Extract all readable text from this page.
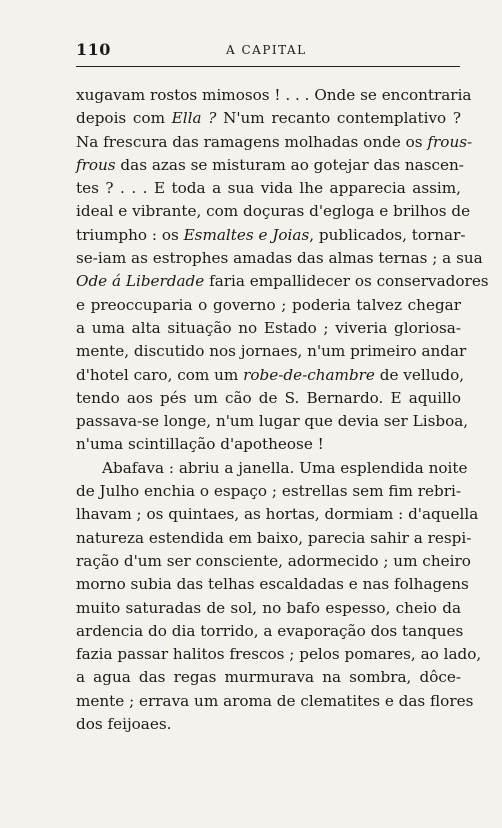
110	A CAPITAL
xugavam rostos mimosos ! . . . Onde se encontraria
depois com Ella ? N'um recanto contemplativo ?
Na frescura das ramagens molhadas onde os frous-
frous das azas se misturam ao gotejar das nascen-
tes ? . . . E toda a sua vida lhe apparecia assim,
ideal e vibrante, com doçuras d'egloga e brilhos de
triumpho : os Esmaltes e Joias, publicados, tornar-
se-iam as estrophes amadas das almas ternas ; a sua
Ode á Liberdade faria empallidecer os conservadores
e preoccuparia o governo ; poderia talvez chegar
a uma alta situação no Estado ; viveria gloriosa-
mente, discutido nos jornaes, n'um primeiro andar
d'hotel caro, com um robe-de-chambre de velludo,
tendo aos pés um cão de S. Bernardo. E aquillo
passava-se longe, n'um lugar que devia ser Lisboa,
n'uma scintillação d'apotheose !
Abafava : abriu a janella. Uma esplendida noite
de Julho enchia o espaço ; estrellas sem fim rebri-
lhavam ; os quintaes, as hortas, dormiam : d'aquella
natureza estendida em baixo, parecia sahir a respi-
ração d'um ser consciente, adormecido ; um cheiro
morno subia das telhas escaldadas e nas folhagens
muito saturadas de sol, no bafo espesso, cheio da
ardencia do dia torrido, a evaporação dos tanques
fazia passar halitos frescos ; pelos pomares, ao lado,
a agua das regas murmurava na sombra, dôce-
mente ; errava um aroma de clematites e das flores
dos feijoaes.
